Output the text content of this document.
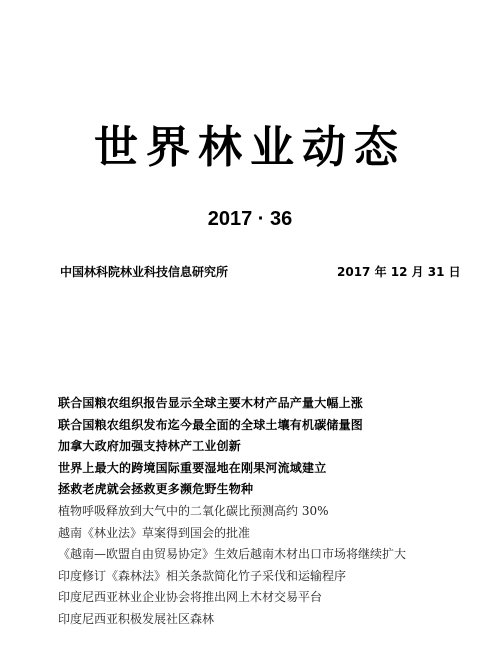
世界林业动态
2017 · 36
中国林科院林业科技信息研究所	2017 年 12 月 31 日
联合国粮农组织报告显示全球主要木材产品产量大幅上涨
联合国粮农组织发布迄今最全面的全球土壤有机碳储量图
加拿大政府加强支持林产工业创新
世界上最大的跨境国际重要湿地在刚果河流域建立
拯救老虎就会拯救更多濒危野生物种
植物呼吸释放到大气中的二氧化碳比预测高约 30%
越南《林业法》草案得到国会的批准
《越南—欧盟自由贸易协定》生效后越南木材出口市场将继续扩大
印度修订《森林法》相关条款简化竹子采伐和运输程序
印度尼西亚林业企业协会将推出网上木材交易平台
印度尼西亚积极发展社区森林
